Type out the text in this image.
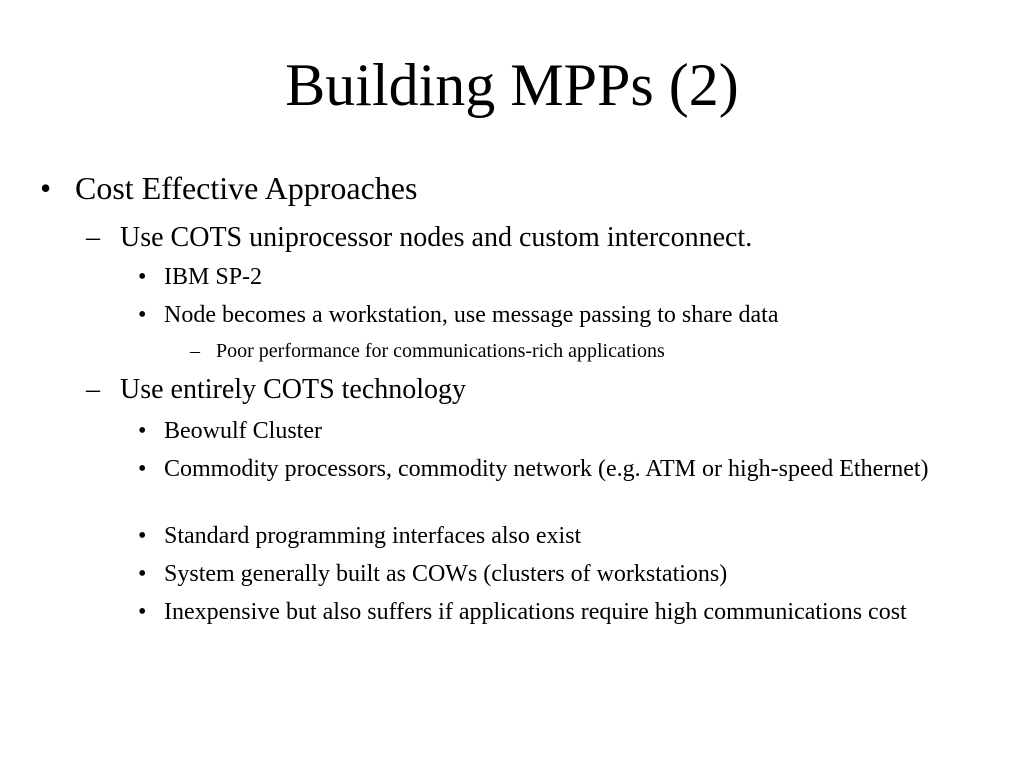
Building MPPs (2)
• Cost Effective Approaches
– Use COTS uniprocessor nodes and custom interconnect.
• IBM SP-2
• Node becomes a workstation, use message passing to share data
– Poor performance for communications-rich applications
– Use entirely COTS technology
• Beowulf Cluster
• Commodity processors, commodity network (e.g. ATM or high-speed Ethernet)
• Standard programming interfaces also exist
• System generally built as COWs (clusters of workstations)
• Inexpensive but also suffers if applications require high communications cost
